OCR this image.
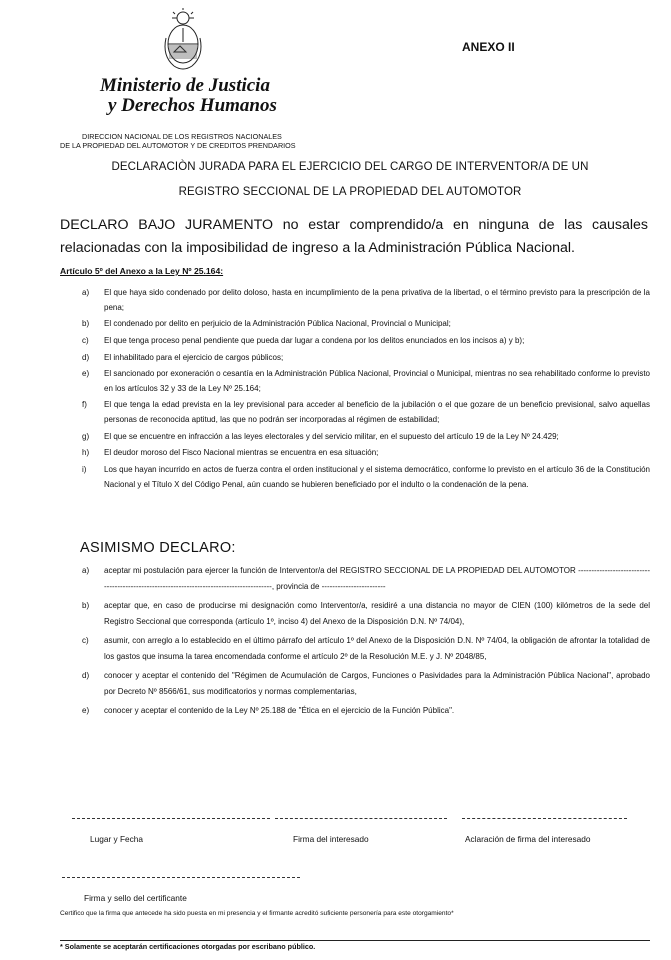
Ministerio de Justicia
y Derechos Humanos
ANEXO II
DIRECCION NACIONAL DE LOS REGISTROS NACIONALES
DE LA PROPIEDAD DEL AUTOMOTOR Y DE CREDITOS PRENDARIOS
DECLARACIÒN JURADA PARA EL EJERCICIO DEL CARGO DE INTERVENTOR/A DE UN
REGISTRO SECCIONAL DE LA PROPIEDAD DEL AUTOMOTOR
DECLARO BAJO JURAMENTO no estar comprendido/a en ninguna de las causales relacionadas con la imposibilidad de ingreso a la Administración Pública Nacional.
Artículo 5º del Anexo a la Ley Nº 25.164:
a) El que haya sido condenado por delito doloso, hasta en incumplimiento de la pena privativa de la libertad, o el término previsto para la prescripción de la pena;
b) El condenado por delito en perjuicio de la Administración Pública Nacional, Provincial o Municipal;
c) El que tenga proceso penal pendiente que pueda dar lugar a condena por los delitos enunciados en los incisos a) y b);
d) El inhabilitado para el ejercicio de cargos públicos;
e) El sancionado por exoneración o cesantía en la Administración Pública Nacional, Provincial o Municipal, mientras no sea rehabilitado conforme lo previsto en los artículos 32 y 33 de la Ley Nº 25.164;
f) El que tenga la edad prevista en la ley previsional para acceder al beneficio de la jubilación o el que gozare de un beneficio previsional, salvo aquellas personas de reconocida aptitud, las que no podrán ser incorporadas al régimen de estabilidad;
g) El que se encuentre en infracción a las leyes electorales y del servicio militar, en el supuesto del artículo 19 de la Ley Nº 24.429;
h) El deudor moroso del Fisco Nacional mientras se encuentra en esa situación;
i) Los que hayan incurrido en actos de fuerza contra el orden institucional y el sistema democrático, conforme lo previsto en el artículo 36 de la Constitución Nacional y el Título X del Código Penal, aún cuando se hubieren beneficiado por el indulto o la condenación de la pena.
ASIMISMO DECLARO:
a) aceptar mi postulación para ejercer la función de Interventor/a del REGISTRO SECCIONAL DE LA PROPIEDAD DEL AUTOMOTOR ------------------------------------------------------------------------------------------, provincia de ------------------------
b) aceptar que, en caso de producirse mi designación como Interventor/a, residiré a una distancia no mayor de CIEN (100) kilómetros de la sede del Registro Seccional que corresponda (artículo 1º, inciso 4) del Anexo de la Disposición D.N. Nº 74/04),
c) asumir, con arreglo a lo establecido en el último párrafo del artículo 1º del Anexo de la Disposición D.N. Nº 74/04, la obligación de afrontar la totalidad de los gastos que insuma la tarea encomendada conforme el artículo 2º de la Resolución M.E. y J. Nº 2048/85,
d) conocer y aceptar el contenido del "Régimen de Acumulación de Cargos, Funciones o Pasividades para la Administración Pública Nacional", aprobado por Decreto Nº 8566/61, sus modificatorios y normas complementarias,
e) conocer y aceptar el contenido de la Ley Nº 25.188 de "Ética en el ejercicio de la Función Pública".
Lugar y Fecha	Firma del interesado	Aclaración de firma del interesado
Firma y sello del certificante
Certifico que la firma que antecede ha sido puesta en mi presencia y el firmante acreditó suficiente personería para este otorgamiento*
* Solamente se aceptarán certificaciones otorgadas por escribano público.
